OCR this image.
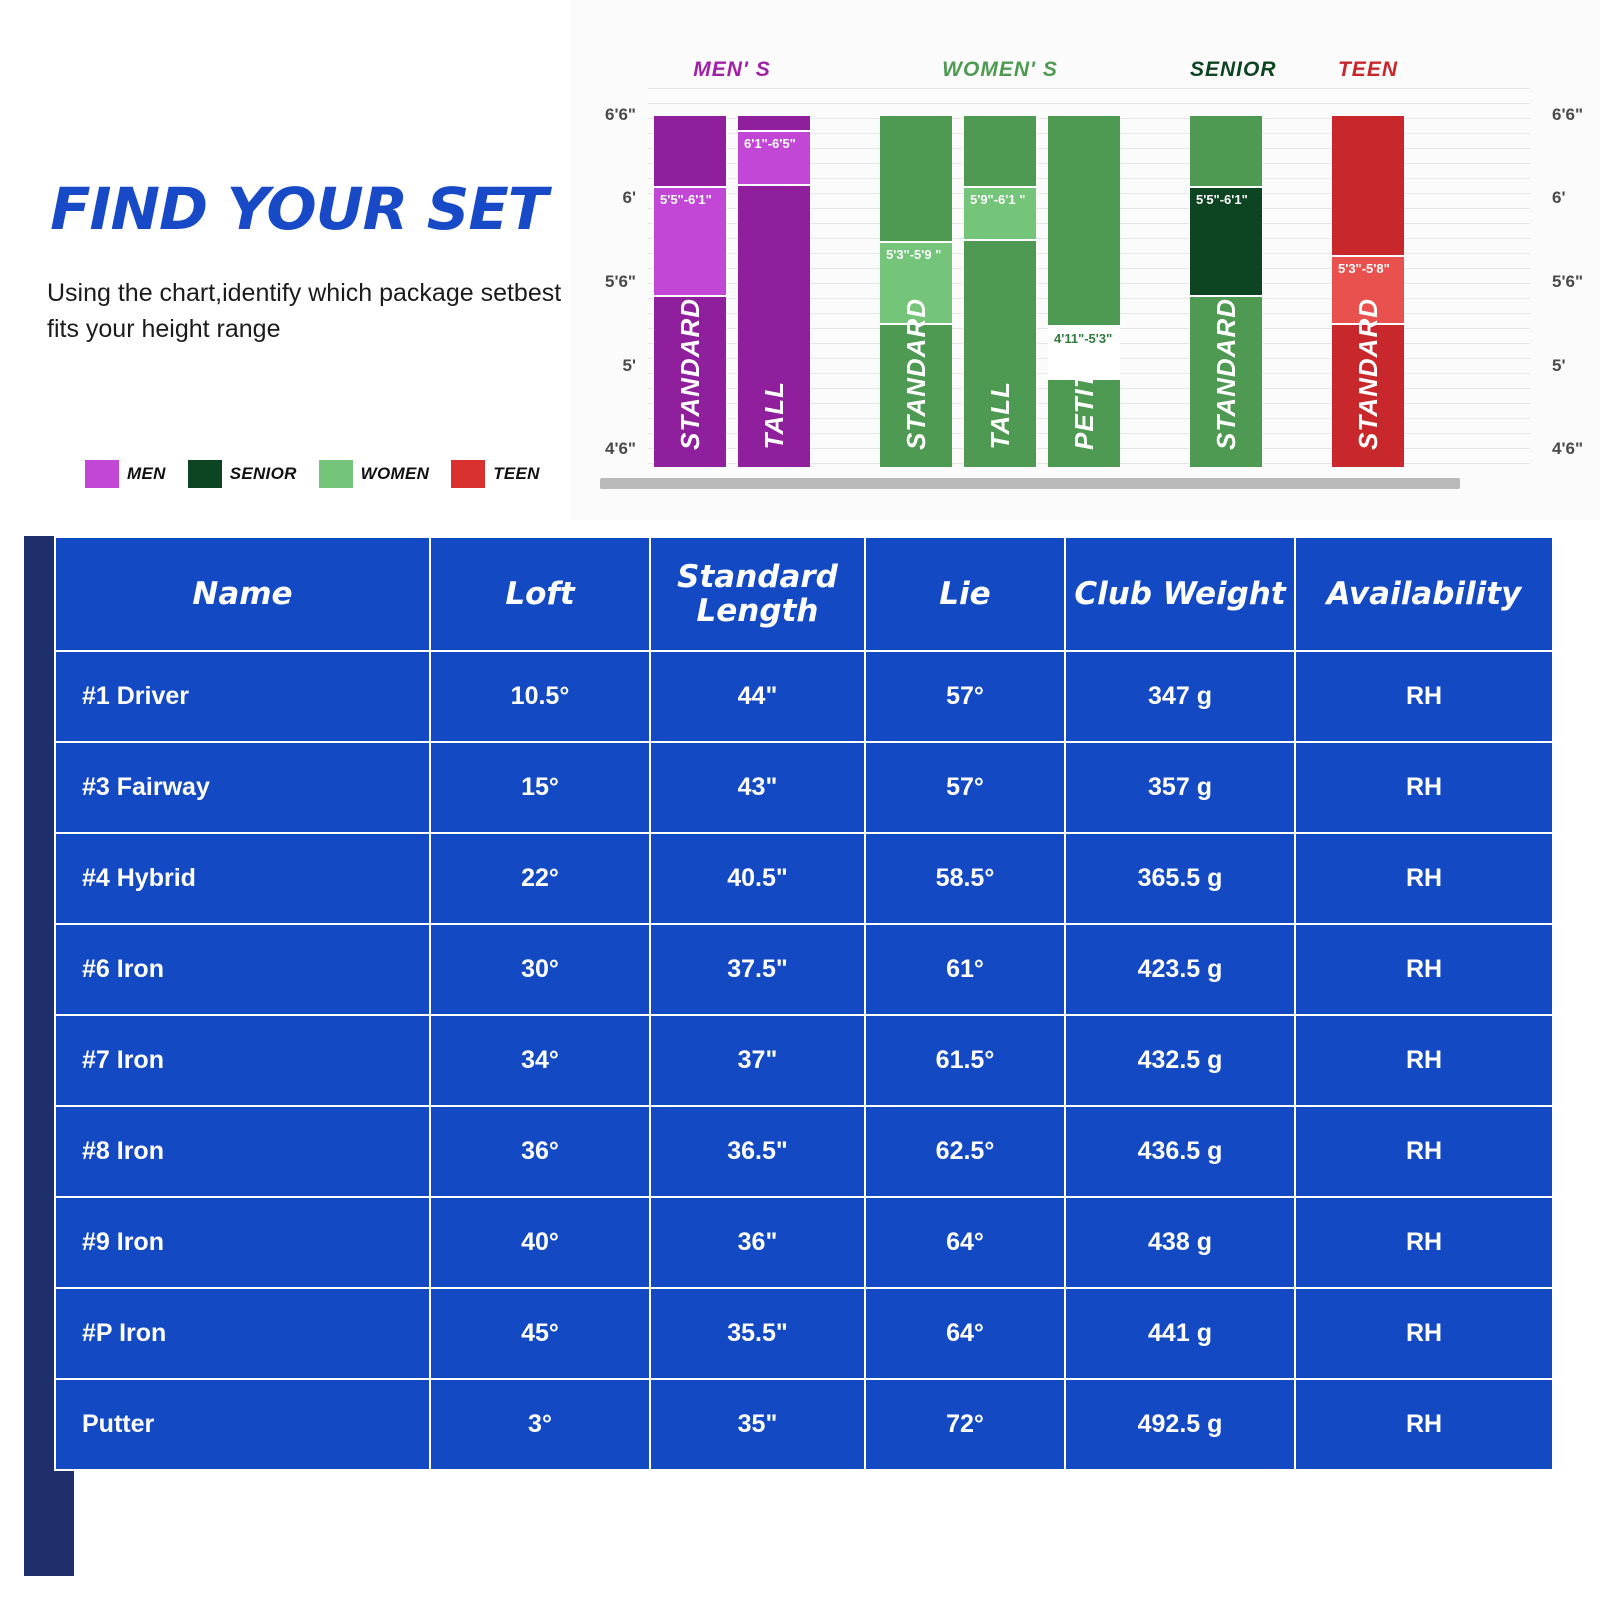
FIND YOUR SET
Using the chart,identify which package setbest fits your height range
MEN	SENIOR	WOMEN	TEEN
6'6"	6'6"
6'	6'
5'6"	5'6"
5'	5'
4'6"	4'6"
5'5"-6'1"
STANDARD
6'1"-6'5"
TALL
5'3"-5'9 "
STANDARD
5'9"-6'1 "
TALL
4'11"-5'3"
PETITE
5'5"-6'1"
STANDARD
5'3"-5'8"
STANDARD
MEN' S	WOMEN' S	SENIOR	TEEN
Name	Loft	Standard Length	Lie	Club Weight	Availability
#1 Driver	10.5°	44"	57°	347 g	RH
#3 Fairway	15°	43"	57°	357 g	RH
#4 Hybrid	22°	40.5"	58.5°	365.5 g	RH
#6 Iron	30°	37.5"	61°	423.5 g	RH
#7 Iron	34°	37"	61.5°	432.5 g	RH
#8 Iron	36°	36.5"	62.5°	436.5 g	RH
#9 Iron	40°	36"	64°	438 g	RH
#P Iron	45°	35.5"	64°	441 g	RH
Putter	3°	35"	72°	492.5 g	RH
